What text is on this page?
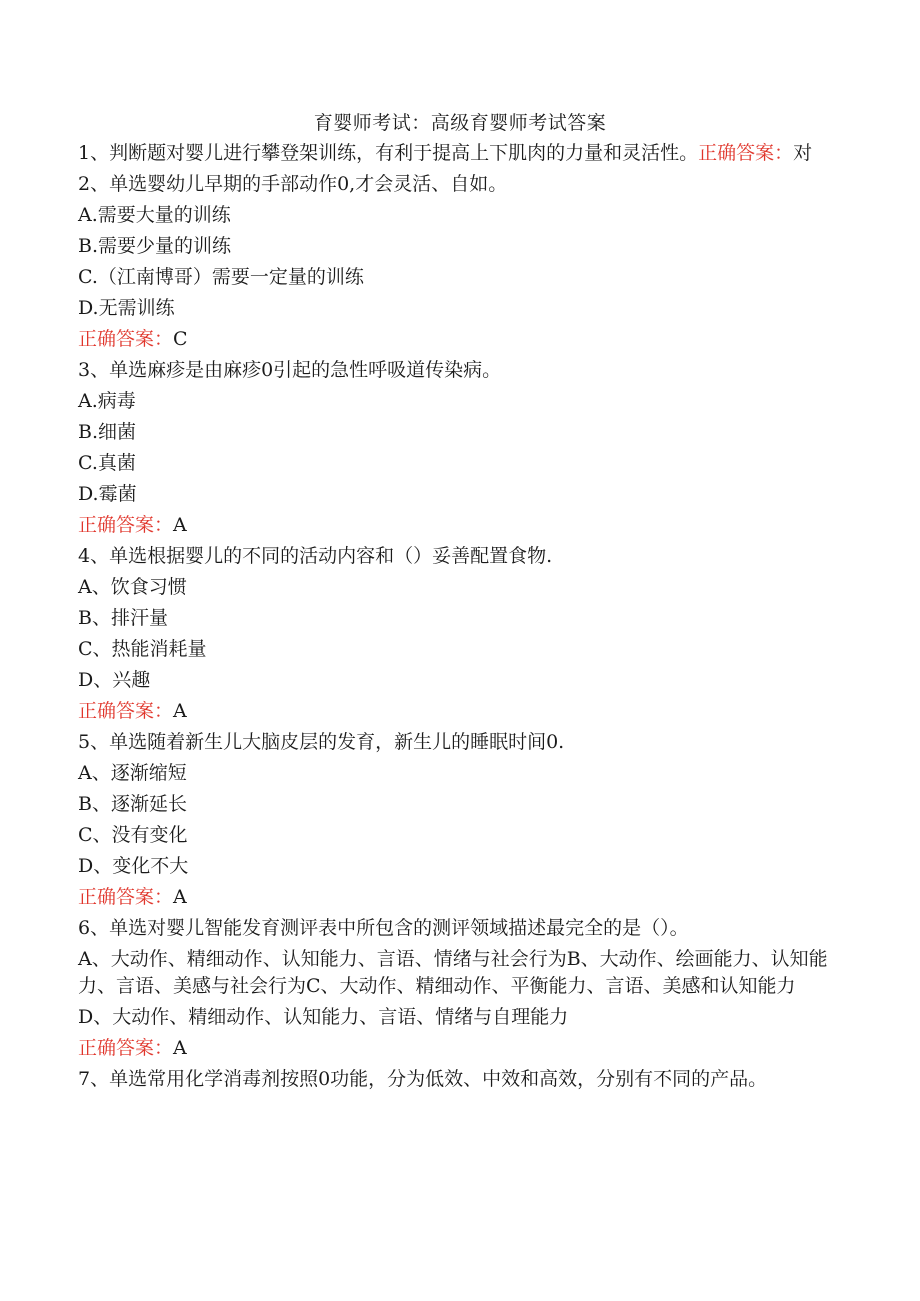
育婴师考试：高级育婴师考试答案
1、判断题对婴儿进行攀登架训练，有利于提高上下肌肉的力量和灵活性。正确答案：对
2、单选婴幼儿早期的手部动作0,才会灵活、自如。
A.需要大量的训练
B.需要少量的训练
C.（江南博哥）需要一定量的训练
D.无需训练
正确答案：C
3、单选麻疹是由麻疹0引起的急性呼吸道传染病。
A.病毒
B.细菌
C.真菌
D.霉菌
正确答案：A
4、单选根据婴儿的不同的活动内容和（）妥善配置食物.
A、饮食习惯
B、排汗量
C、热能消耗量
D、兴趣
正确答案：A
5、单选随着新生儿大脑皮层的发育，新生儿的睡眠时间0.
A、逐渐缩短
B、逐渐延长
C、没有变化
D、变化不大
正确答案：A
6、单选对婴儿智能发育测评表中所包含的测评领域描述最完全的是（）。
A、大动作、精细动作、认知能力、言语、情绪与社会行为B、大动作、绘画能力、认知能力、言语、美感与社会行为C、大动作、精细动作、平衡能力、言语、美感和认知能力
D、大动作、精细动作、认知能力、言语、情绪与自理能力
正确答案：A
7、单选常用化学消毒剂按照0功能，分为低效、中效和高效，分别有不同的产品。
